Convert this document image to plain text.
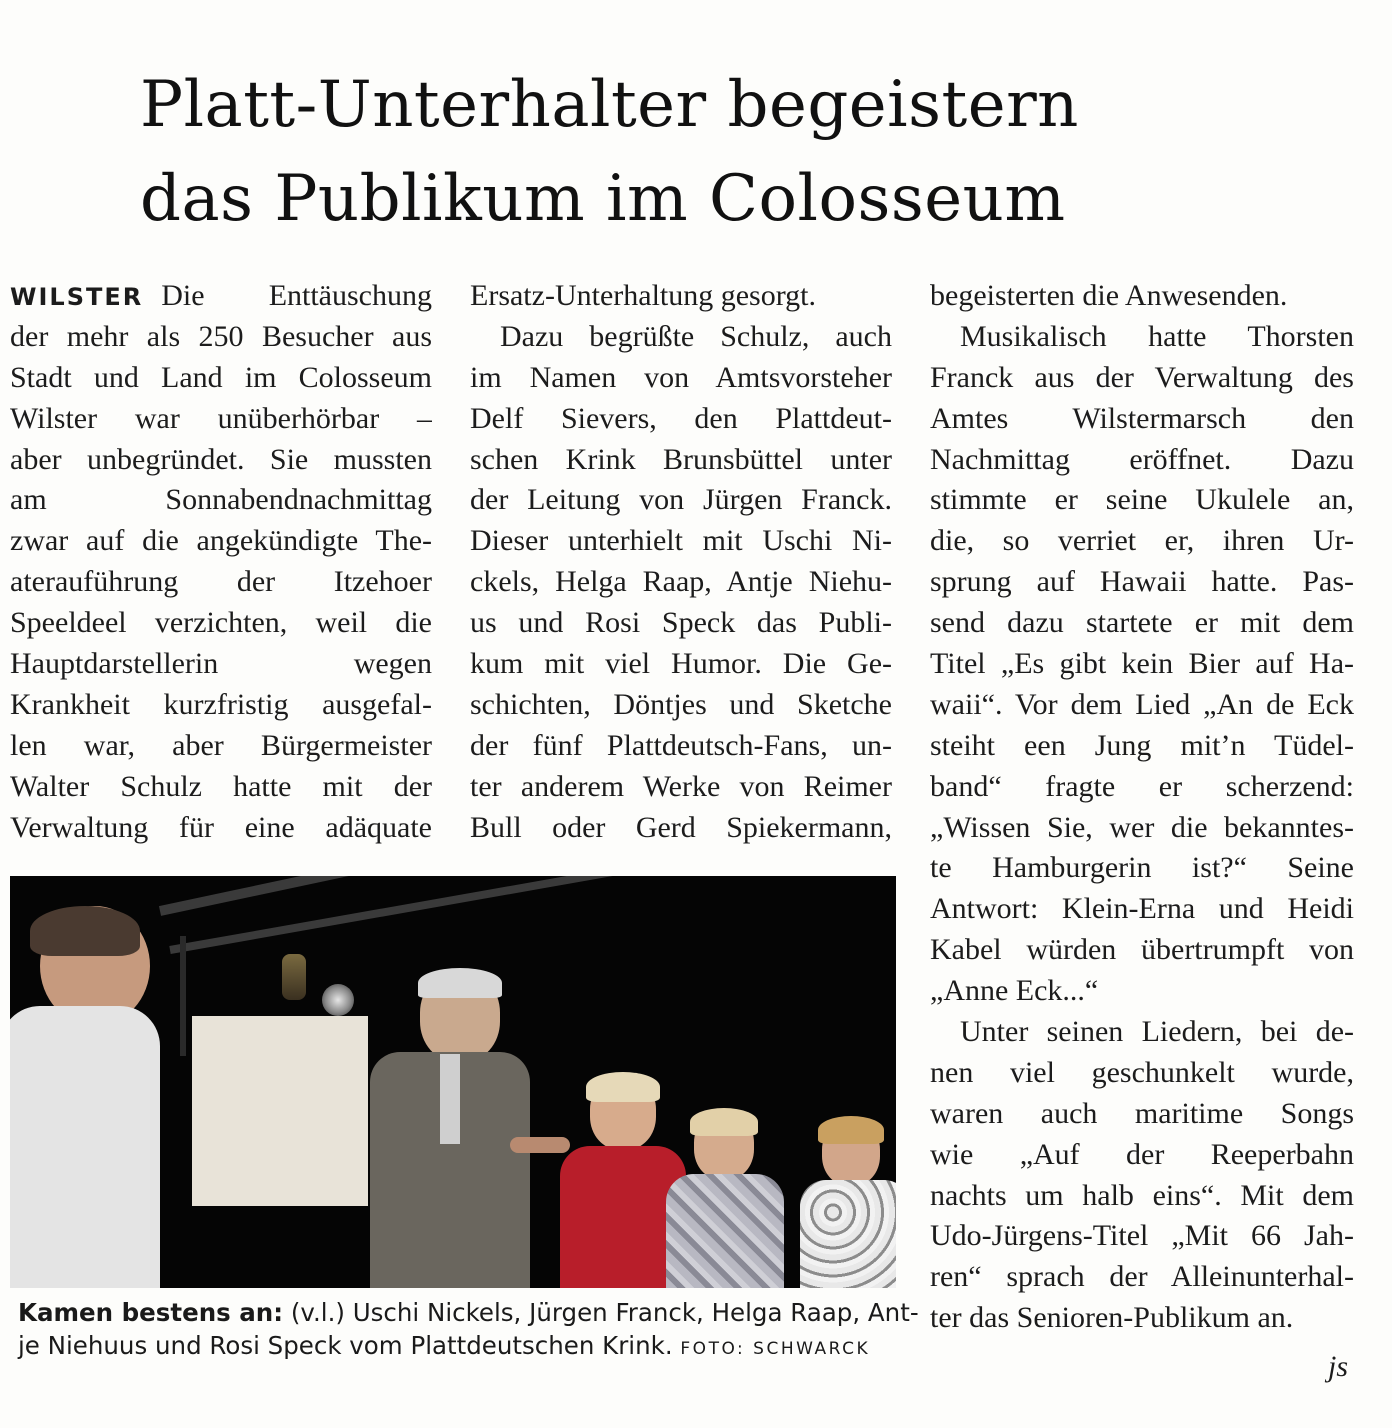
Platt-Unterhalter begeistern
das Publikum im Colosseum
WILSTER Die Enttäuschung
der mehr als 250 Besucher aus
Stadt und Land im Colosseum
Wilster war unüberhörbar –
aber unbegründet. Sie mussten
am Sonnabendnachmittag
zwar auf die angekündigte The-
aterauführung der Itzehoer
Speeldeel verzichten, weil die
Hauptdarstellerin wegen
Krankheit kurzfristig ausgefal-
len war, aber Bürgermeister
Walter Schulz hatte mit der
Verwaltung für eine adäquate
Ersatz-Unterhaltung gesorgt.
Dazu begrüßte Schulz, auch
im Namen von Amtsvorsteher
Delf Sievers, den Plattdeut-
schen Krink Brunsbüttel unter
der Leitung von Jürgen Franck.
Dieser unterhielt mit Uschi Ni-
ckels, Helga Raap, Antje Niehu-
us und Rosi Speck das Publi-
kum mit viel Humor. Die Ge-
schichten, Döntjes und Sketche
der fünf Plattdeutsch-Fans, un-
ter anderem Werke von Reimer
Bull oder Gerd Spiekermann,
begeisterten die Anwesenden.
Musikalisch hatte Thorsten
Franck aus der Verwaltung des
Amtes Wilstermarsch den
Nachmittag eröffnet. Dazu
stimmte er seine Ukulele an,
die, so verriet er, ihren Ur-
sprung auf Hawaii hatte. Pas-
send dazu startete er mit dem
Titel „Es gibt kein Bier auf Ha-
waii“. Vor dem Lied „An de Eck
steiht een Jung mit’n Tüdel-
band“ fragte er scherzend:
„Wissen Sie, wer die bekanntes-
te Hamburgerin ist?“ Seine
Antwort: Klein-Erna und Heidi
Kabel würden übertrumpft von
„Anne Eck...“
Unter seinen Liedern, bei de-
nen viel geschunkelt wurde,
waren auch maritime Songs
wie „Auf der Reeperbahn
nachts um halb eins“. Mit dem
Udo-Jürgens-Titel „Mit 66 Jah-
ren“ sprach der Alleinunterhal-
ter das Senioren-Publikum an.
js
Kamen bestens an: (v.l.) Uschi Nickels, Jürgen Franck, Helga Raap, Ant-
je Niehuus und Rosi Speck vom Plattdeutschen Krink. FOTO: SCHWARCK
